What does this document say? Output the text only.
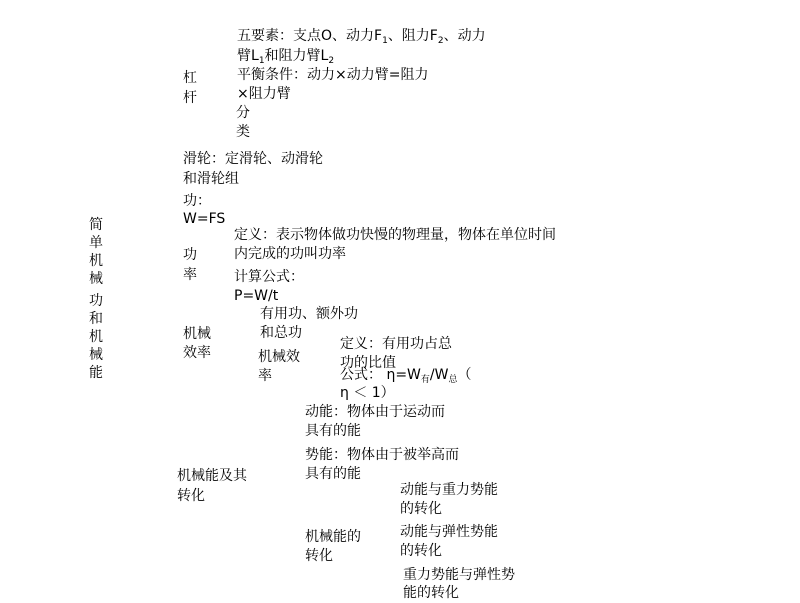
简
单
机
械
功
和
机
械
能
杠
杆
五要素：支点O、动力$F_1$、阻力$F_2$、动力
臂$L_1$和阻力臂$L_2$
平衡条件：动力×动力臂=阻力
×阻力臂
分
类
滑轮：定滑轮、动滑轮
和滑轮组
功：
W=FS
功
率
定义：表示物体做功快慢的物理量，物体在单位时间
内完成的功叫功率
计算公式：
P=W/t
机械
效率
有用功、额外功
和总功
机械效
率
定义：有用功占总
功的比值
公式： $\eta=W_有/W_总$（
η ＜ 1）
机械能及其
转化
动能：物体由于运动而
具有的能
势能：物体由于被举高而
具有的能
机械能的
转化
动能与重力势能
的转化
动能与弹性势能
的转化
重力势能与弹性势
能的转化
